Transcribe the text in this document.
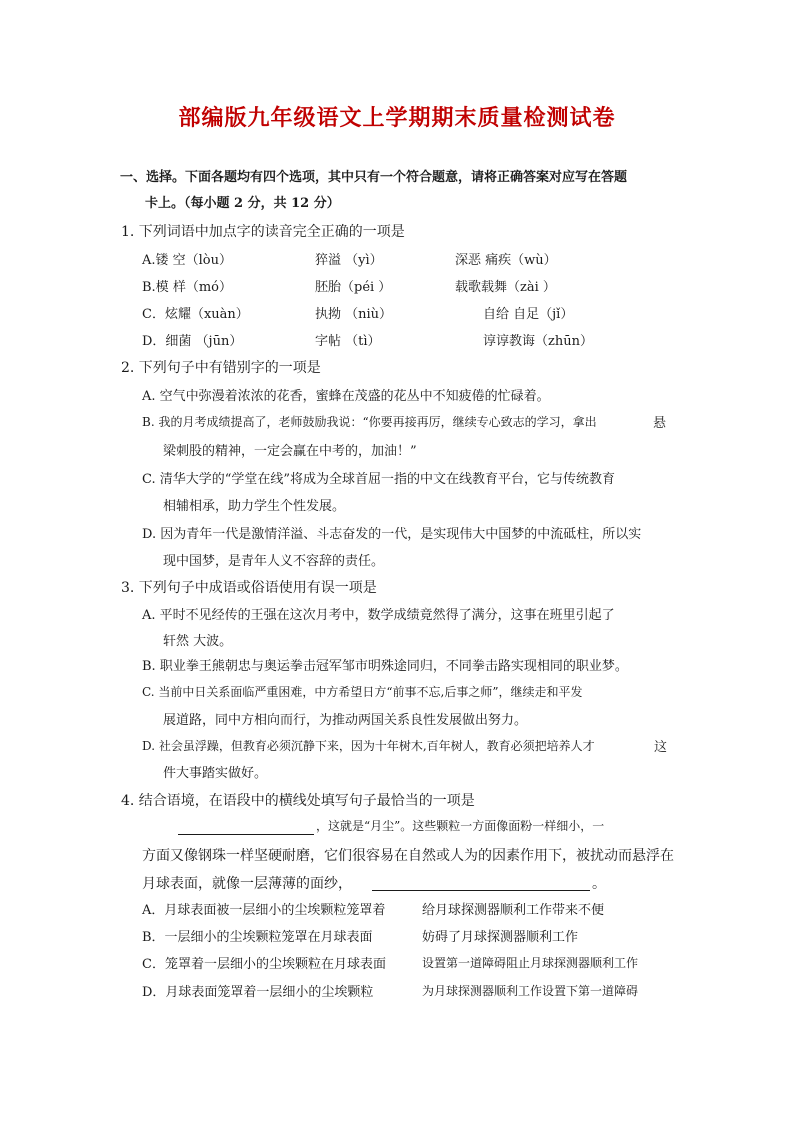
部编版九年级语文上学期期末质量检测试卷
一、选择。下面各题均有四个选项，其中只有一个符合题意，请将正确答案对应写在答题
卡上。（每小题 2 分，共 12 分）
1. 下列词语中加点字的读音完全正确的一项是
A.镂 空（lòu）	猝溢 （yì）	深恶 痛疾（wù）
B.模 样（mó）	胚胎（péi ）	载歌载舞（zài ）
C．炫耀（xuàn）	执拗 （niù）	自给 自足（jǐ）
D．细菌 （jūn）	字帖 （tì）	谆谆教诲（zhūn）
2. 下列句子中有错别字的一项是
A. 空气中弥漫着浓浓的花香，蜜蜂在茂盛的花丛中不知疲倦的忙碌着。
B. 我的月考成绩提高了，老师鼓励我说：“你要再接再厉，继续专心致志的学习，拿出	悬
梁刺股的精神，一定会赢在中考的，加油！”
C. 清华大学的“学堂在线”将成为全球首屈一指的中文在线教育平台，它与传统教育
相辅相承，助力学生个性发展。
D. 因为青年一代是激情洋溢、斗志奋发的一代，是实现伟大中国梦的中流砥柱，所以实
现中国梦，是青年人义不容辞的责任。
3. 下列句子中成语或俗语使用有误一项是
A. 平时不见经传的王强在这次月考中，数学成绩竟然得了满分，这事在班里引起了
轩然 大波。
B. 职业拳王熊朝忠与奥运拳击冠军邹市明殊途同归，不同拳击路实现相同的职业梦。
C. 当前中日关系面临严重困难，中方希望日方“前事不忘,后事之师”，继续走和平发
展道路，同中方相向而行，为推动两国关系良性发展做出努力。
D. 社会虽浮躁，但教育必须沉静下来，因为十年树木,百年树人，教育必须把培养人才	这
件大事踏实做好。
4. 结合语境，在语段中的横线处填写句子最恰当的一项是
，这就是“月尘”。这些颗粒一方面像面粉一样细小，一
方面又像钢珠一样坚硬耐磨，它们很容易在自然或人为的因素作用下，被扰动而悬浮在
月球表面，就像一层薄薄的面纱，	。
A．月球表面被一层细小的尘埃颗粒笼罩着	给月球探测器顺利工作带来不便
B．一层细小的尘埃颗粒笼罩在月球表面	妨碍了月球探测器顺利工作
C．笼罩着一层细小的尘埃颗粒在月球表面	设置第一道障碍阻止月球探测器顺利工作
D．月球表面笼罩着一层细小的尘埃颗粒	为月球探测器顺利工作设置下第一道障碍
